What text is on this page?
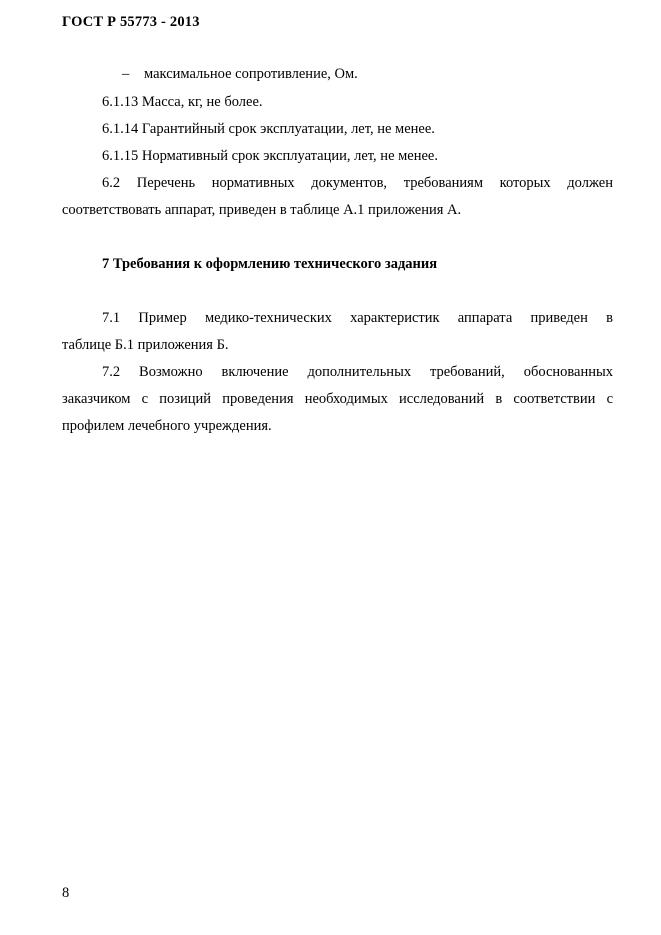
ГОСТ Р 55773 - 2013
– максимальное сопротивление, Ом.
6.1.13 Масса, кг, не более.
6.1.14 Гарантийный срок эксплуатации, лет, не менее.
6.1.15 Нормативный срок эксплуатации, лет, не менее.
6.2 Перечень нормативных документов, требованиям которых должен
соответствовать аппарат, приведен в таблице А.1 приложения А.
7 Требования к оформлению технического задания
7.1 Пример медико-технических характеристик аппарата приведен в
таблице Б.1 приложения Б.
7.2 Возможно включение дополнительных требований, обоснованных
заказчиком с позиций проведения необходимых исследований в соответствии с
профилем лечебного учреждения.
8
